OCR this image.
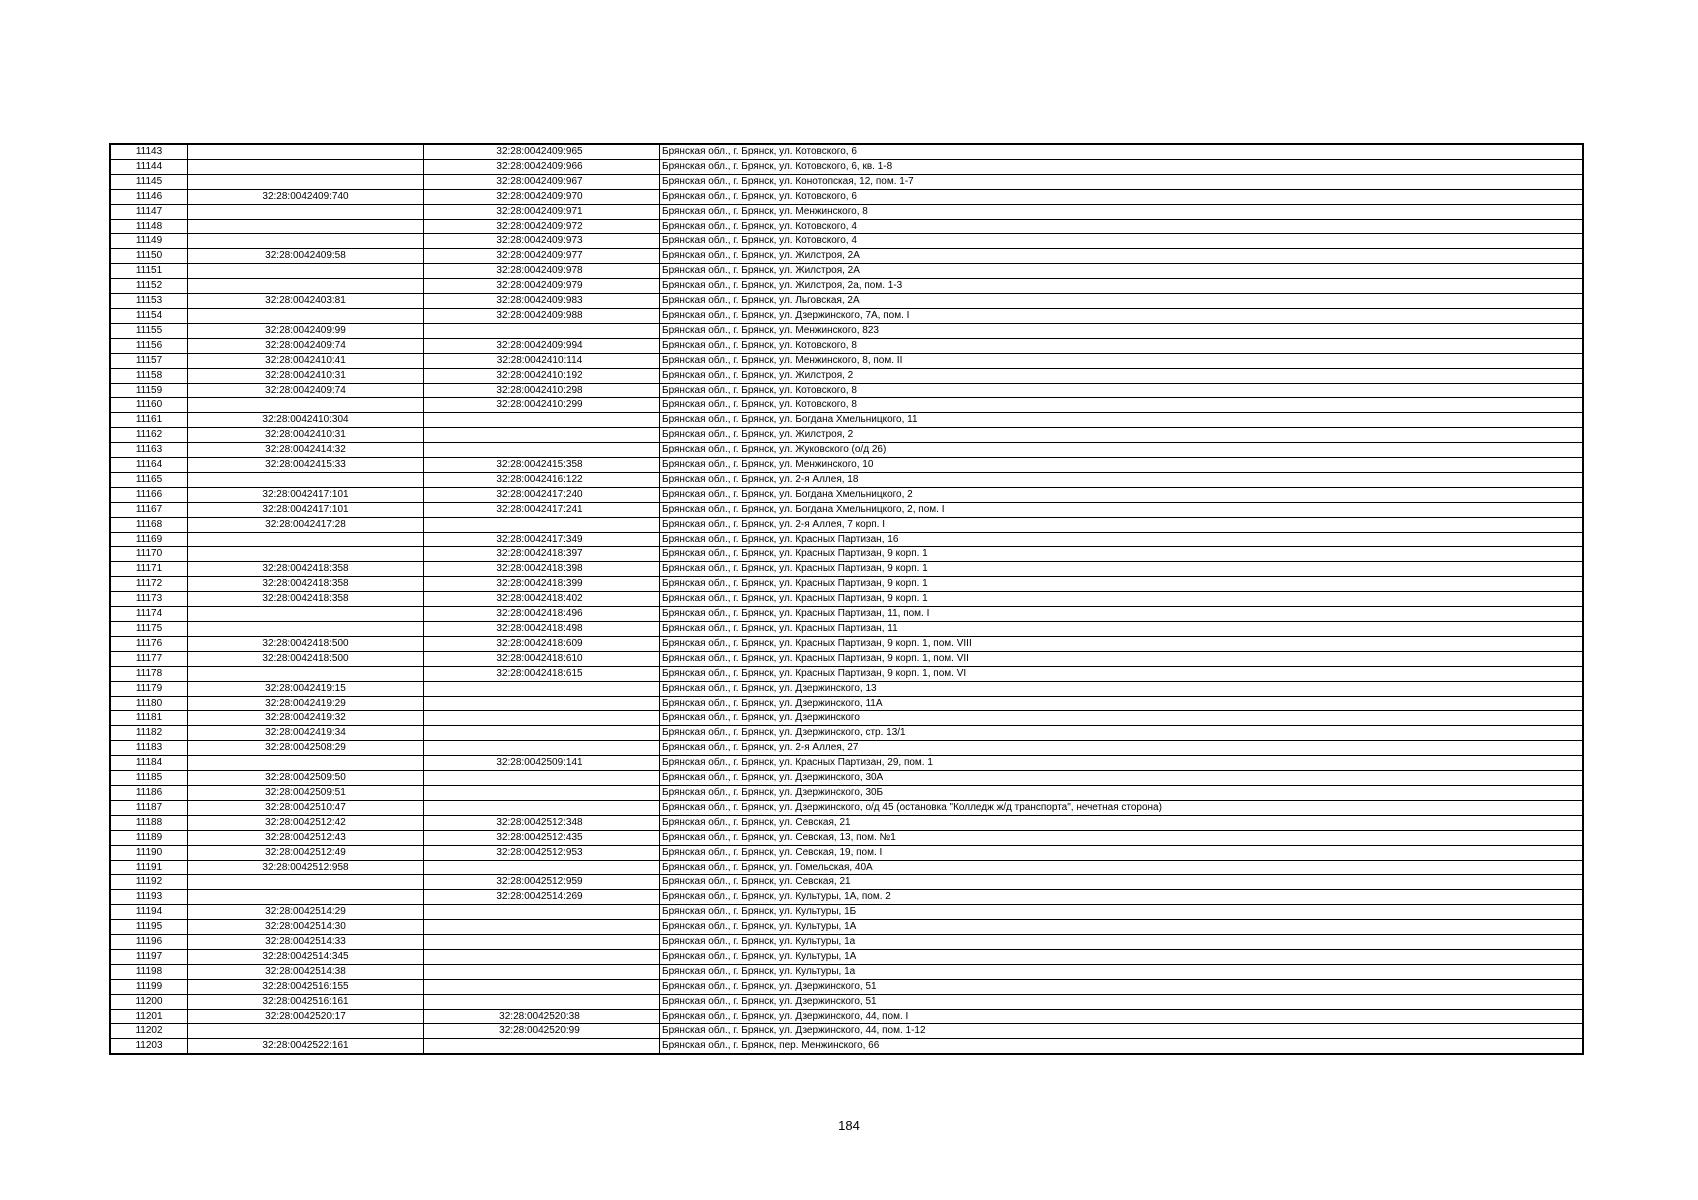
11143		32:28:0042409:965	Брянская обл., г. Брянск, ул. Котовского, 6
11144		32:28:0042409:966	Брянская обл., г. Брянск, ул. Котовского, 6, кв. 1-8
11145		32:28:0042409:967	Брянская обл., г. Брянск, ул. Конотопская, 12, пом. 1-7
11146	32:28:0042409:740	32:28:0042409:970	Брянская обл., г. Брянск, ул. Котовского, 6
11147		32:28:0042409:971	Брянская обл., г. Брянск, ул. Менжинского, 8
11148		32:28:0042409:972	Брянская обл., г. Брянск, ул. Котовского, 4
11149		32:28:0042409:973	Брянская обл., г. Брянск, ул. Котовского, 4
11150	32:28:0042409:58	32:28:0042409:977	Брянская обл., г. Брянск, ул. Жилстроя, 2А
11151		32:28:0042409:978	Брянская обл., г. Брянск, ул. Жилстроя, 2А
11152		32:28:0042409:979	Брянская обл., г. Брянск, ул. Жилстроя, 2а, пом. 1-3
11153	32:28:0042403:81	32:28:0042409:983	Брянская обл., г. Брянск, ул. Льговская, 2А
11154		32:28:0042409:988	Брянская обл., г. Брянск, ул. Дзержинского, 7А, пом. I
11155	32:28:0042409:99		Брянская обл., г. Брянск, ул. Менжинского, 823
11156	32:28:0042409:74	32:28:0042409:994	Брянская обл., г. Брянск, ул. Котовского, 8
11157	32:28:0042410:41	32:28:0042410:114	Брянская обл., г. Брянск, ул. Менжинского, 8, пом. II
11158	32:28:0042410:31	32:28:0042410:192	Брянская обл., г. Брянск, ул. Жилстроя, 2
11159	32:28:0042409:74	32:28:0042410:298	Брянская обл., г. Брянск, ул. Котовского, 8
11160		32:28:0042410:299	Брянская обл., г. Брянск, ул. Котовского, 8
11161	32:28:0042410:304		Брянская обл., г. Брянск, ул. Богдана Хмельницкого, 11
11162	32:28:0042410:31		Брянская обл., г. Брянск, ул. Жилстроя, 2
11163	32:28:0042414:32		Брянская обл., г. Брянск, ул. Жуковского (о/д 26)
11164	32:28:0042415:33	32:28:0042415:358	Брянская обл., г. Брянск, ул. Менжинского, 10
11165		32:28:0042416:122	Брянская обл., г. Брянск, ул. 2-я Аллея, 18
11166	32:28:0042417:101	32:28:0042417:240	Брянская обл., г. Брянск, ул. Богдана Хмельницкого, 2
11167	32:28:0042417:101	32:28:0042417:241	Брянская обл., г. Брянск, ул. Богдана Хмельницкого, 2, пом. I
11168	32:28:0042417:28		Брянская обл., г. Брянск, ул. 2-я Аллея, 7 корп. I
11169		32:28:0042417:349	Брянская обл., г. Брянск, ул. Красных Партизан, 16
11170		32:28:0042418:397	Брянская обл., г. Брянск, ул. Красных Партизан, 9 корп. 1
11171	32:28:0042418:358	32:28:0042418:398	Брянская обл., г. Брянск, ул. Красных Партизан, 9 корп. 1
11172	32:28:0042418:358	32:28:0042418:399	Брянская обл., г. Брянск, ул. Красных Партизан, 9 корп. 1
11173	32:28:0042418:358	32:28:0042418:402	Брянская обл., г. Брянск, ул. Красных Партизан, 9 корп. 1
11174		32:28:0042418:496	Брянская обл., г. Брянск, ул. Красных Партизан, 11, пом. I
11175		32:28:0042418:498	Брянская обл., г. Брянск, ул. Красных Партизан, 11
11176	32:28:0042418:500	32:28:0042418:609	Брянская обл., г. Брянск, ул. Красных Партизан, 9 корп. 1, пом. VIII
11177	32:28:0042418:500	32:28:0042418:610	Брянская обл., г. Брянск, ул. Красных Партизан, 9 корп. 1, пом. VII
11178		32:28:0042418:615	Брянская обл., г. Брянск, ул. Красных Партизан, 9 корп. 1, пом. VI
11179	32:28:0042419:15		Брянская обл., г. Брянск, ул. Дзержинского, 13
11180	32:28:0042419:29		Брянская обл., г. Брянск, ул. Дзержинского, 11А
11181	32:28:0042419:32		Брянская обл., г. Брянск, ул. Дзержинского
11182	32:28:0042419:34		Брянская обл., г. Брянск, ул. Дзержинского, стр. 13/1
11183	32:28:0042508:29		Брянская обл., г. Брянск, ул. 2-я Аллея, 27
11184		32:28:0042509:141	Брянская обл., г. Брянск, ул. Красных Партизан, 29, пом. 1
11185	32:28:0042509:50		Брянская обл., г. Брянск, ул. Дзержинского, 30А
11186	32:28:0042509:51		Брянская обл., г. Брянск, ул. Дзержинского, 30Б
11187	32:28:0042510:47		Брянская обл., г. Брянск, ул. Дзержинского, о/д 45 (остановка "Колледж ж/д транспорта", нечетная сторона)
11188	32:28:0042512:42	32:28:0042512:348	Брянская обл., г. Брянск, ул. Севская, 21
11189	32:28:0042512:43	32:28:0042512:435	Брянская обл., г. Брянск, ул. Севская, 13, пом. №1
11190	32:28:0042512:49	32:28:0042512:953	Брянская обл., г. Брянск, ул. Севская, 19, пом. I
11191	32:28:0042512:958		Брянская обл., г. Брянск, ул. Гомельская, 40А
11192		32:28:0042512:959	Брянская обл., г. Брянск, ул. Севская, 21
11193		32:28:0042514:269	Брянская обл., г. Брянск, ул. Культуры, 1А, пом. 2
11194	32:28:0042514:29		Брянская обл., г. Брянск, ул. Культуры, 1Б
11195	32:28:0042514:30		Брянская обл., г. Брянск, ул. Культуры, 1А
11196	32:28:0042514:33		Брянская обл., г. Брянск, ул. Культуры, 1а
11197	32:28:0042514:345		Брянская обл., г. Брянск, ул. Культуры, 1А
11198	32:28:0042514:38		Брянская обл., г. Брянск, ул. Культуры, 1а
11199	32:28:0042516:155		Брянская обл., г. Брянск, ул. Дзержинского, 51
11200	32:28:0042516:161		Брянская обл., г. Брянск, ул. Дзержинского, 51
11201	32:28:0042520:17	32:28:0042520:38	Брянская обл., г. Брянск, ул. Дзержинского, 44, пом. I
11202		32:28:0042520:99	Брянская обл., г. Брянск, ул. Дзержинского, 44, пом. 1-12
11203	32:28:0042522:161		Брянская обл., г. Брянск, пер. Менжинского, 66
184
